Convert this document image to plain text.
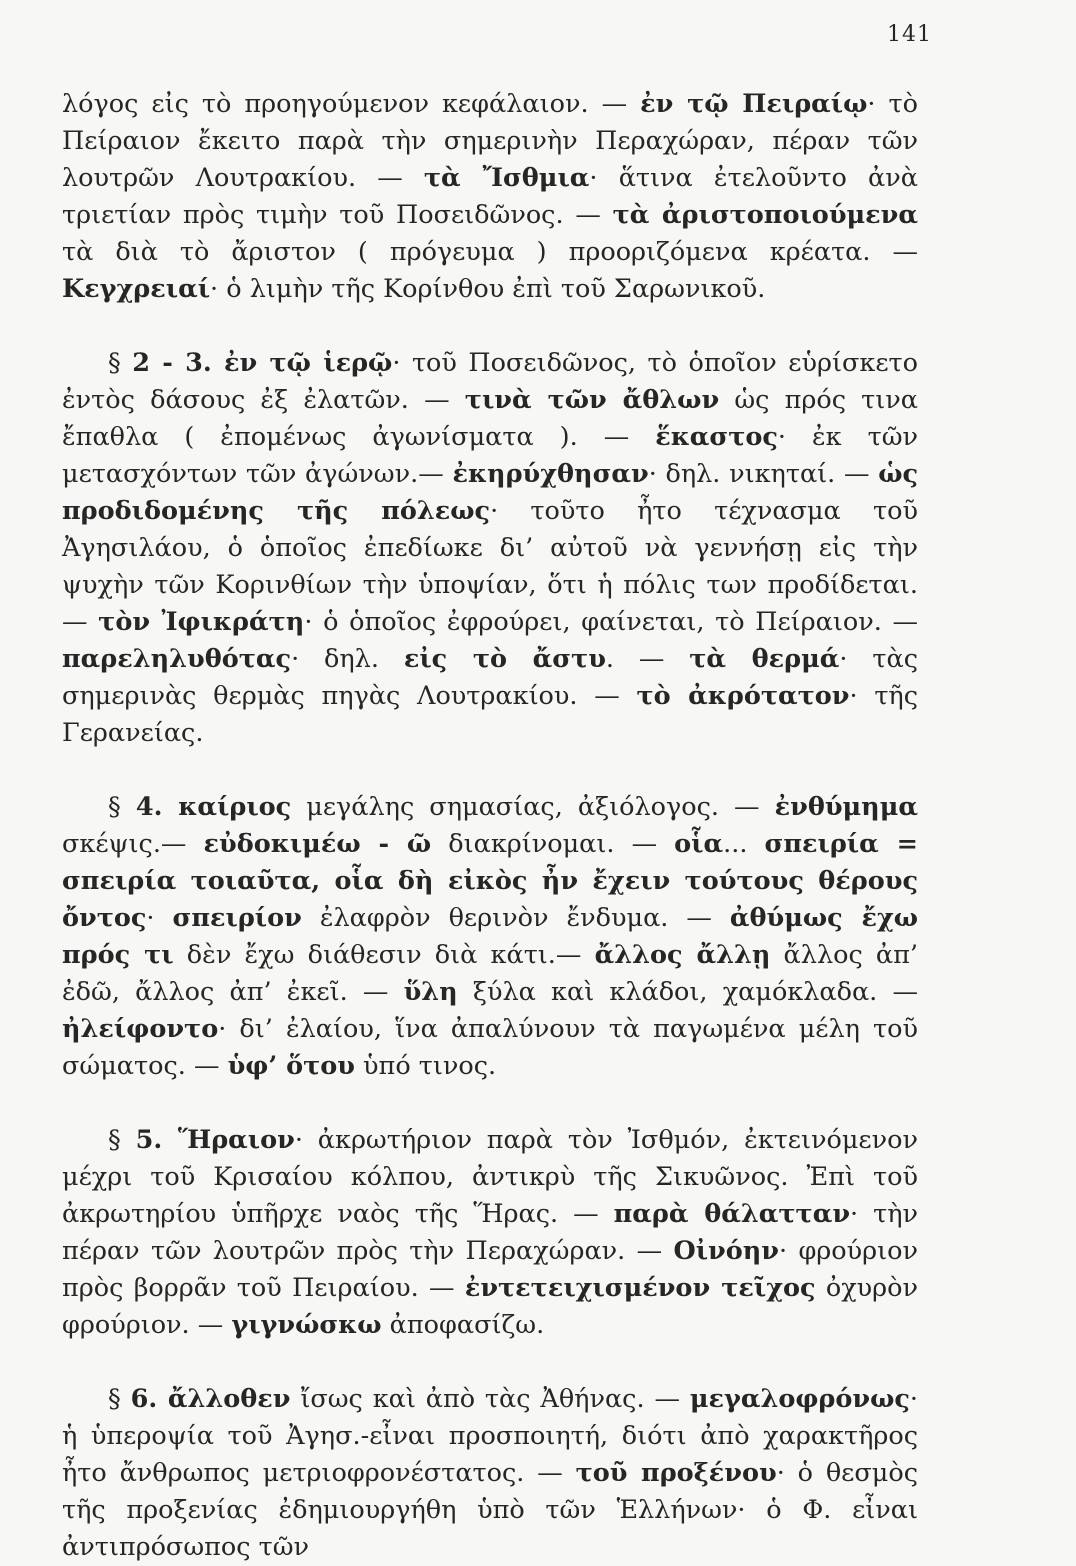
141

λόγος εἰς τὸ προηγούμενον κεφάλαιον. — ἐν τῷ Πειραίῳ· τὸ Πείραιον ἔκειτο παρὰ τὴν σημερινὴν Περαχώραν, πέραν τῶν λουτρῶν Λουτρακίου. — τὰ Ἴσθμια· ἅτινα ἐτελοῦντο ἀνὰ τριετίαν πρὸς τιμὴν τοῦ Ποσειδῶνος. — τὰ ἀριστοποιούμενα τὰ διὰ τὸ ἄριστον ( πρόγευμα ) προοριζόμενα κρέατα. — Κεγχρειαί· ὁ λιμὴν τῆς Κορίνθου ἐπὶ τοῦ Σαρωνικοῦ.

§ 2 - 3. ἐν τῷ ἱερῷ· τοῦ Ποσειδῶνος, τὸ ὁποῖον εὑρίσκετο ἐντὸς δάσους ἐξ ἐλατῶν. — τινὰ τῶν ἄθλων ὡς πρός τινα ἔπαθλα ( ἐπομένως ἀγωνίσματα ). — ἕκαστος· ἐκ τῶν μετασχόντων τῶν ἀγώνων.— ἐκηρύχθησαν· δηλ. νικηταί. — ὡς προδιδομένης τῆς πόλεως· τοῦτο ἦτο τέχνασμα τοῦ Ἀγησιλάου, ὁ ὁποῖος ἐπεδίωκε δι’ αὐτοῦ νὰ γεννήσῃ εἰς τὴν ψυχὴν τῶν Κορινθίων τὴν ὑποψίαν, ὅτι ἡ πόλις των προδίδεται. — τὸν Ἰφικράτη· ὁ ὁποῖος ἐφρούρει, φαίνεται, τὸ Πείραιον. — παρεληλυθότας· δηλ. εἰς τὸ ἄστυ. — τὰ θερμά· τὰς σημερινὰς θερμὰς πηγὰς Λουτρακίου. — τὸ ἀκρότατον· τῆς Γερανείας.

§ 4. καίριος μεγάλης σημασίας, ἀξιόλογος. — ἐνθύμημα σκέψις.— εὐδοκιμέω - ῶ διακρίνομαι. — οἷα... σπειρία = σπειρία τοιαῦτα, οἷα δὴ εἰκὸς ἦν ἔχειν τούτους θέρους ὄντος· σπειρίον ἐλαφρὸν θερινὸν ἔνδυμα. — ἀθύμως ἔχω πρός τι δὲν ἔχω διάθεσιν διὰ κάτι.— ἄλλος ἄλλῃ ἄλλος ἀπ’ ἐδῶ, ἄλλος ἀπ’ ἐκεῖ. — ὕλη ξύλα καὶ κλάδοι, χαμόκλαδα. — ἠλείφοντο· δι’ ἐλαίου, ἵνα ἀπαλύνουν τὰ παγωμένα μέλη τοῦ σώματος. — ὑφ’ ὅτου ὑπό τινος.

§ 5. Ἥραιον· ἀκρωτήριον παρὰ τὸν Ἰσθμόν, ἐκτεινόμενον μέχρι τοῦ Κρισαίου κόλπου, ἀντικρὺ τῆς Σικυῶνος. Ἐπὶ τοῦ ἀκρωτηρίου ὑπῆρχε ναὸς τῆς Ἥρας. — παρὰ θάλατταν· τὴν πέραν τῶν λουτρῶν πρὸς τὴν Περαχώραν. — Οἰνόην· φρούριον πρὸς βορρᾶν τοῦ Πειραίου. — ἐντετειχισμένον τεῖχος ὀχυρὸν φρούριον. — γιγνώσκω ἀποφασίζω.

§ 6. ἄλλοθεν ἴσως καὶ ἀπὸ τὰς Ἀθήνας. — μεγαλοφρόνως· ἡ ὑπεροψία τοῦ Ἀγησ.-εἶναι προσποιητή, διότι ἀπὸ χαρακτῆρος ἦτο ἄνθρωπος μετριοφρονέστατος. — τοῦ προξένου· ὁ θεσμὸς τῆς προξενίας ἐδημιουργήθη ὑπὸ τῶν Ἑλλήνων· ὁ Φ. εἶναι ἀντιπρόσωπος τῶν
